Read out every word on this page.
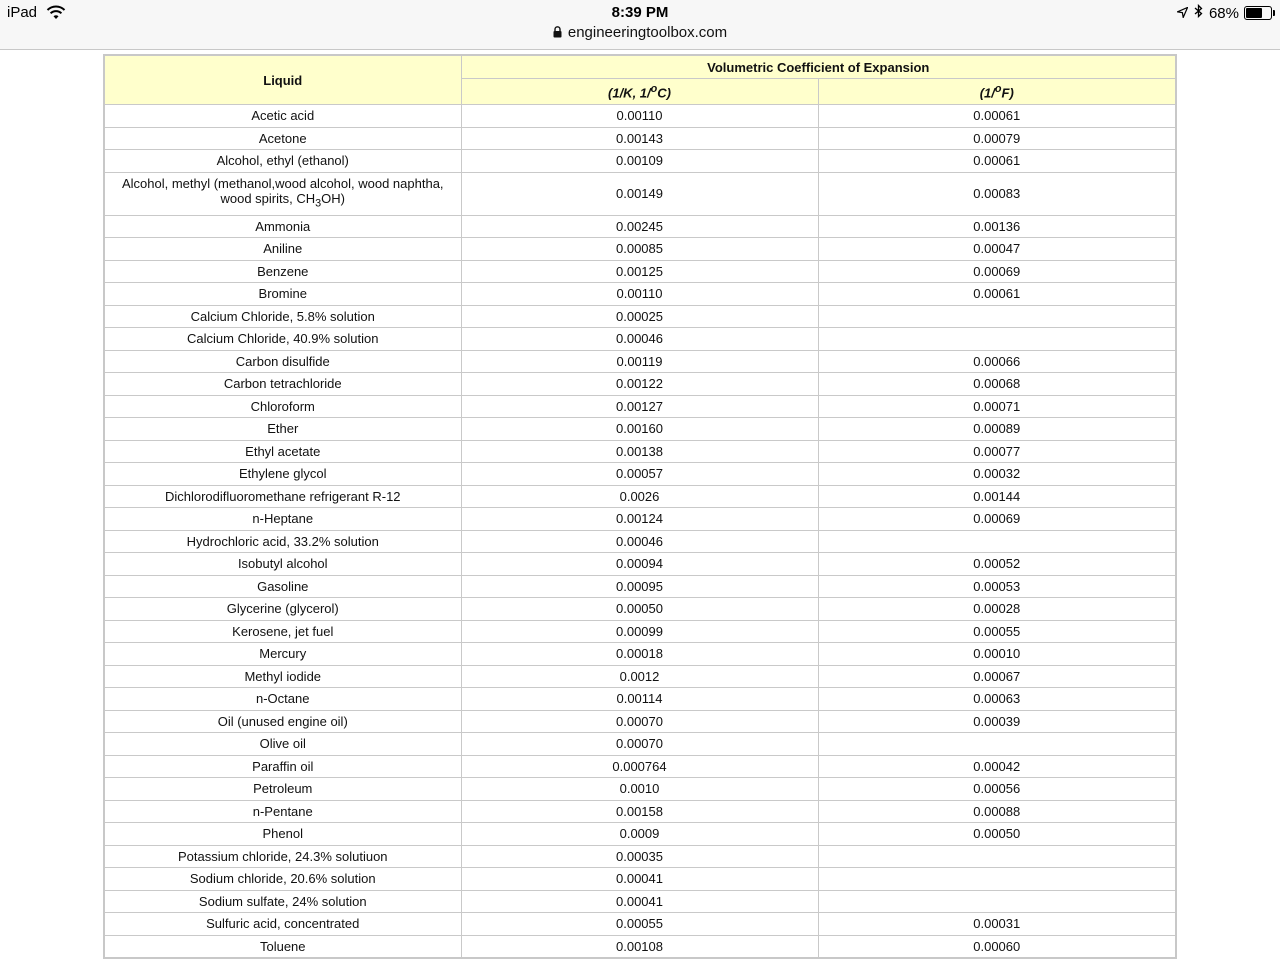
iPad	8:39 PM
engineeringtoolbox.com
68%
Liquid	Volumetric Coefficient of Expansion	
	(1/K, 1/$^o$C)	(1/$^o$F)
Acetic acid	0.00110	0.00061
Acetone	0.00143	0.00079
Alcohol, ethyl (ethanol)	0.00109	0.00061
Alcohol, methyl (methanol,wood alcohol, wood naphtha, wood spirits, $CH_3OH$)	0.00149	0.00083
Ammonia	0.00245	0.00136
Aniline	0.00085	0.00047
Benzene	0.00125	0.00069
Bromine	0.00110	0.00061
Calcium Chloride, 5.8% solution	0.00025	
Calcium Chloride, 40.9% solution	0.00046	
Carbon disulfide	0.00119	0.00066
Carbon tetrachloride	0.00122	0.00068
Chloroform	0.00127	0.00071
Ether	0.00160	0.00089
Ethyl acetate	0.00138	0.00077
Ethylene glycol	0.00057	0.00032
Dichlorodifluoromethane refrigerant R-12	0.0026	0.00144
n-Heptane	0.00124	0.00069
Hydrochloric acid, 33.2% solution	0.00046	
Isobutyl alcohol	0.00094	0.00052
Gasoline	0.00095	0.00053
Glycerine (glycerol)	0.00050	0.00028
Kerosene, jet fuel	0.00099	0.00055
Mercury	0.00018	0.00010
Methyl iodide	0.0012	0.00067
n-Octane	0.00114	0.00063
Oil (unused engine oil)	0.00070	0.00039
Olive oil	0.00070	
Paraffin oil	0.000764	0.00042
Petroleum	0.0010	0.00056
n-Pentane	0.00158	0.00088
Phenol	0.0009	0.00050
Potassium chloride, 24.3% solutiuon	0.00035	
Sodium chloride, 20.6% solution	0.00041	
Sodium sulfate, 24% solution	0.00041	
Sulfuric acid, concentrated	0.00055	0.00031
Toluene	0.00108	0.00060
